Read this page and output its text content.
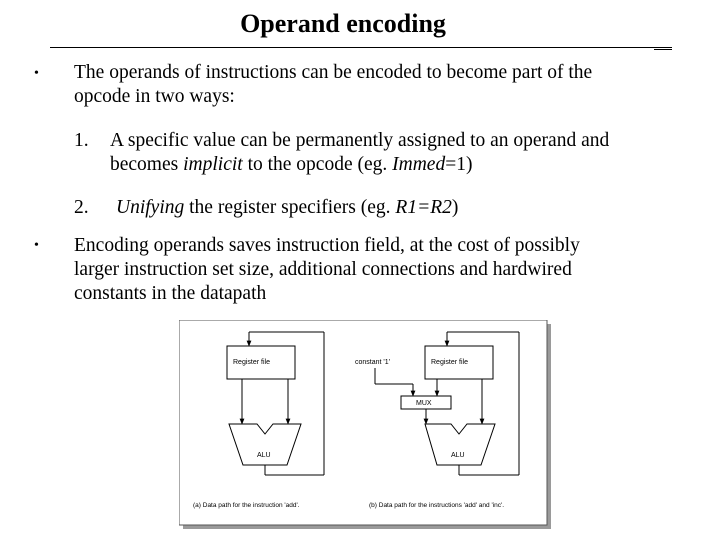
Operand encoding
• The operands of instructions can be encoded to become part of the
opcode in two ways:
1. A specific value can be permanently assigned to an operand and
becomes implicit to the opcode (eg. Immed=1)
2. Unifying the register specifiers (eg. R1=R2)
• Encoding operands saves instruction field, at the cost of possibly
larger instruction set size, additional connections and hardwired
constants in the datapath
Register file
ALU
(a) Data path for the instruction 'add'.
constant '1'	Register file
MUX
ALU
(b) Data path for the instructions 'add' and 'inc'.
